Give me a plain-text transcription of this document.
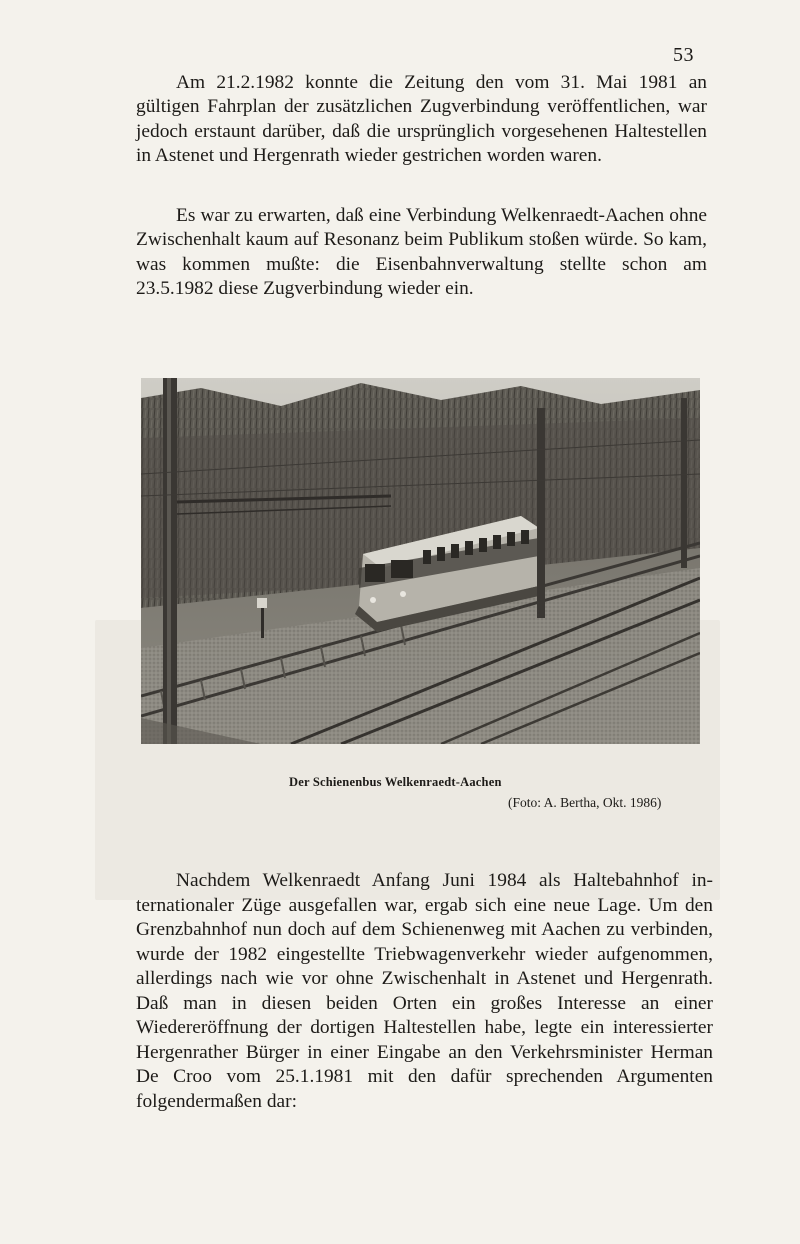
53

Am 21.2.1982 konnte die Zeitung den vom 31. Mai 1981 an gültigen Fahrplan der zusätzlichen Zugverbindung veröffentlichen, war jedoch erstaunt darüber, daß die ursprünglich vorgesehenen Haltestellen in Astenet und Hergenrath wieder gestrichen worden waren.

Es war zu erwarten, daß eine Verbindung Welkenraedt-Aachen ohne Zwischenhalt kaum auf Resonanz beim Publikum stoßen würde. So kam, was kommen mußte: die Eisenbahnverwaltung stellte schon am 23.5.1982 diese Zugverbindung wieder ein.

Der Schienenbus Welkenraedt-Aachen
(Foto: A. Bertha, Okt. 1986)

Nachdem Welkenraedt Anfang Juni 1984 als Haltebahnhof internationaler Züge ausgefallen war, ergab sich eine neue Lage. Um den Grenzbahnhof nun doch auf dem Schienenweg mit Aachen zu verbinden, wurde der 1982 eingestellte Triebwagenverkehr wieder aufgenommen, allerdings nach wie vor ohne Zwischenhalt in Astenet und Hergenrath. Daß man in diesen beiden Orten ein großes Interesse an einer Wiedereröffnung der dortigen Haltestellen habe, legte ein interessierter Hergenrather Bürger in einer Eingabe an den Verkehrsminister Herman De Croo vom 25.1.1981 mit den dafür sprechenden Argumenten folgendermaßen dar:
